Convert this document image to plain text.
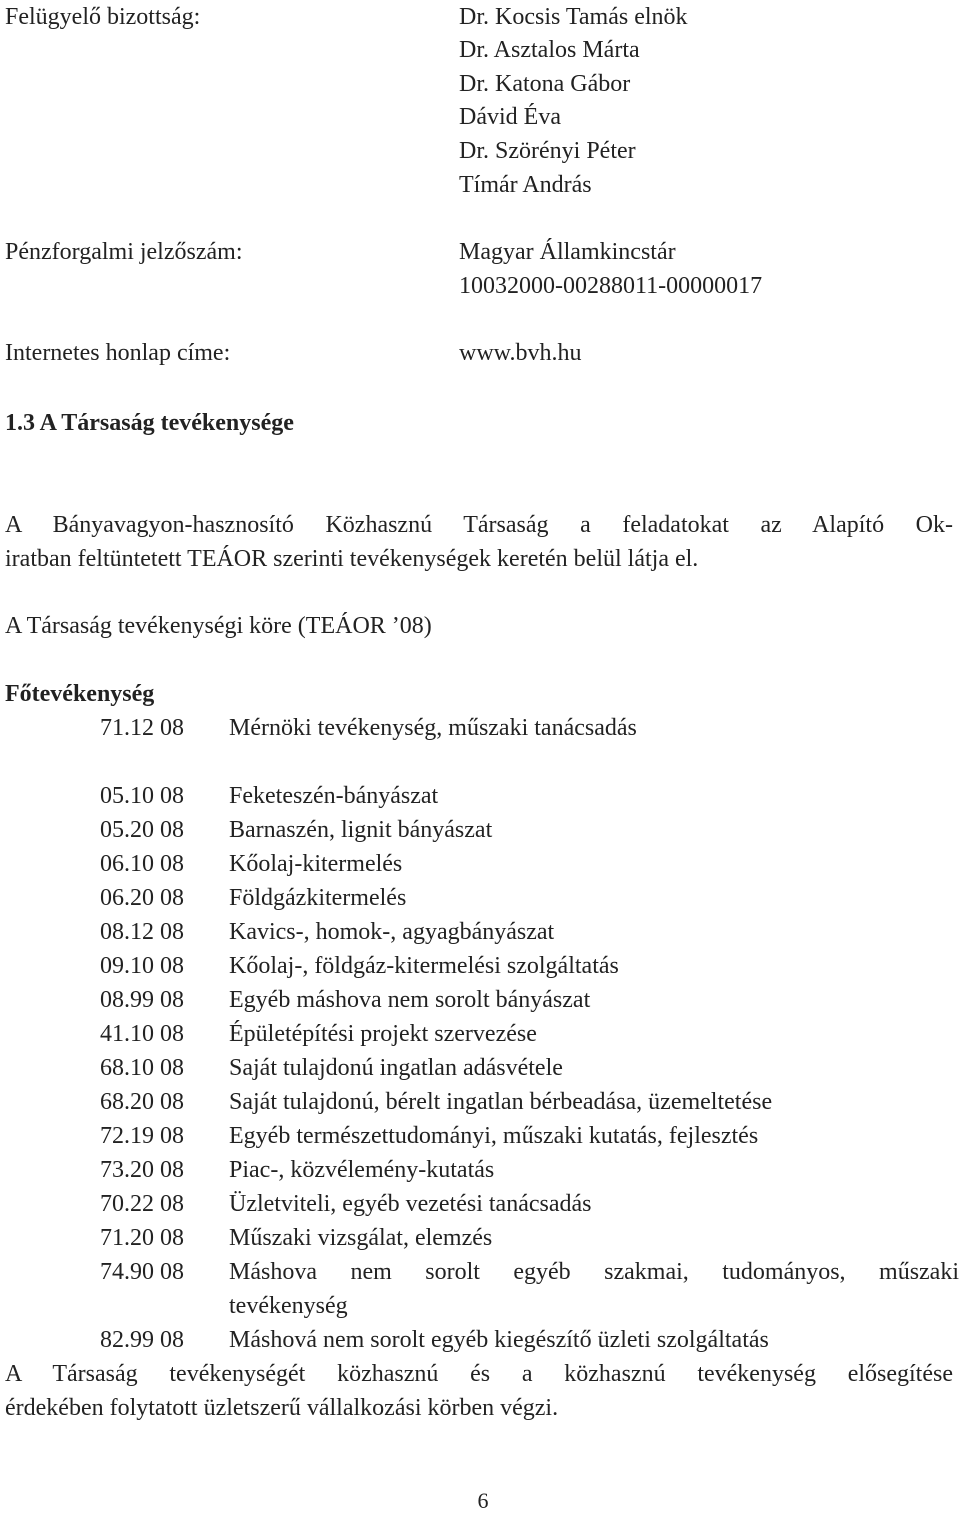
Felügyelő bizottság:	Dr. Kocsis Tamás elnök
Dr. Asztalos Márta
Dr. Katona Gábor
Dávid Éva
Dr. Szörényi Péter
Tímár András
Pénzforgalmi jelzőszám:	Magyar Államkincstár
10032000-00288011-00000017
Internetes honlap címe:	www.bvh.hu
1.3 A Társaság tevékenysége
A Bányavagyon-hasznosító Közhasznú Társaság a feladatokat az Alapító Ok-
iratban feltüntetett TEÁOR szerinti tevékenységek keretén belül látja el.
A Társaság tevékenységi köre (TEÁOR ’08)
Főtevékenység
71.12 08 Mérnöki tevékenység, műszaki tanácsadás
05.10 08 Feketeszén-bányászat
05.20 08 Barnaszén, lignit bányászat
06.10 08 Kőolaj-kitermelés
06.20 08 Földgázkitermelés
08.12 08 Kavics-, homok-, agyagbányászat
09.10 08 Kőolaj-, földgáz-kitermelési szolgáltatás
08.99 08 Egyéb máshova nem sorolt bányászat
41.10 08 Épületépítési projekt szervezése
68.10 08 Saját tulajdonú ingatlan adásvétele
68.20 08 Saját tulajdonú, bérelt ingatlan bérbeadása, üzemeltetése
72.19 08 Egyéb természettudományi, műszaki kutatás, fejlesztés
73.20 08 Piac-, közvélemény-kutatás
70.22 08 Üzletviteli, egyéb vezetési tanácsadás
71.20 08 Műszaki vizsgálat, elemzés
74.90 08 Máshova nem sorolt egyéb szakmai, tudományos, műszaki
tevékenység
82.99 08 Máshová nem sorolt egyéb kiegészítő üzleti szolgáltatás
A Társaság tevékenységét közhasznú és a közhasznú tevékenység elősegítése
érdekében folytatott üzletszerű vállalkozási körben végzi.
6
